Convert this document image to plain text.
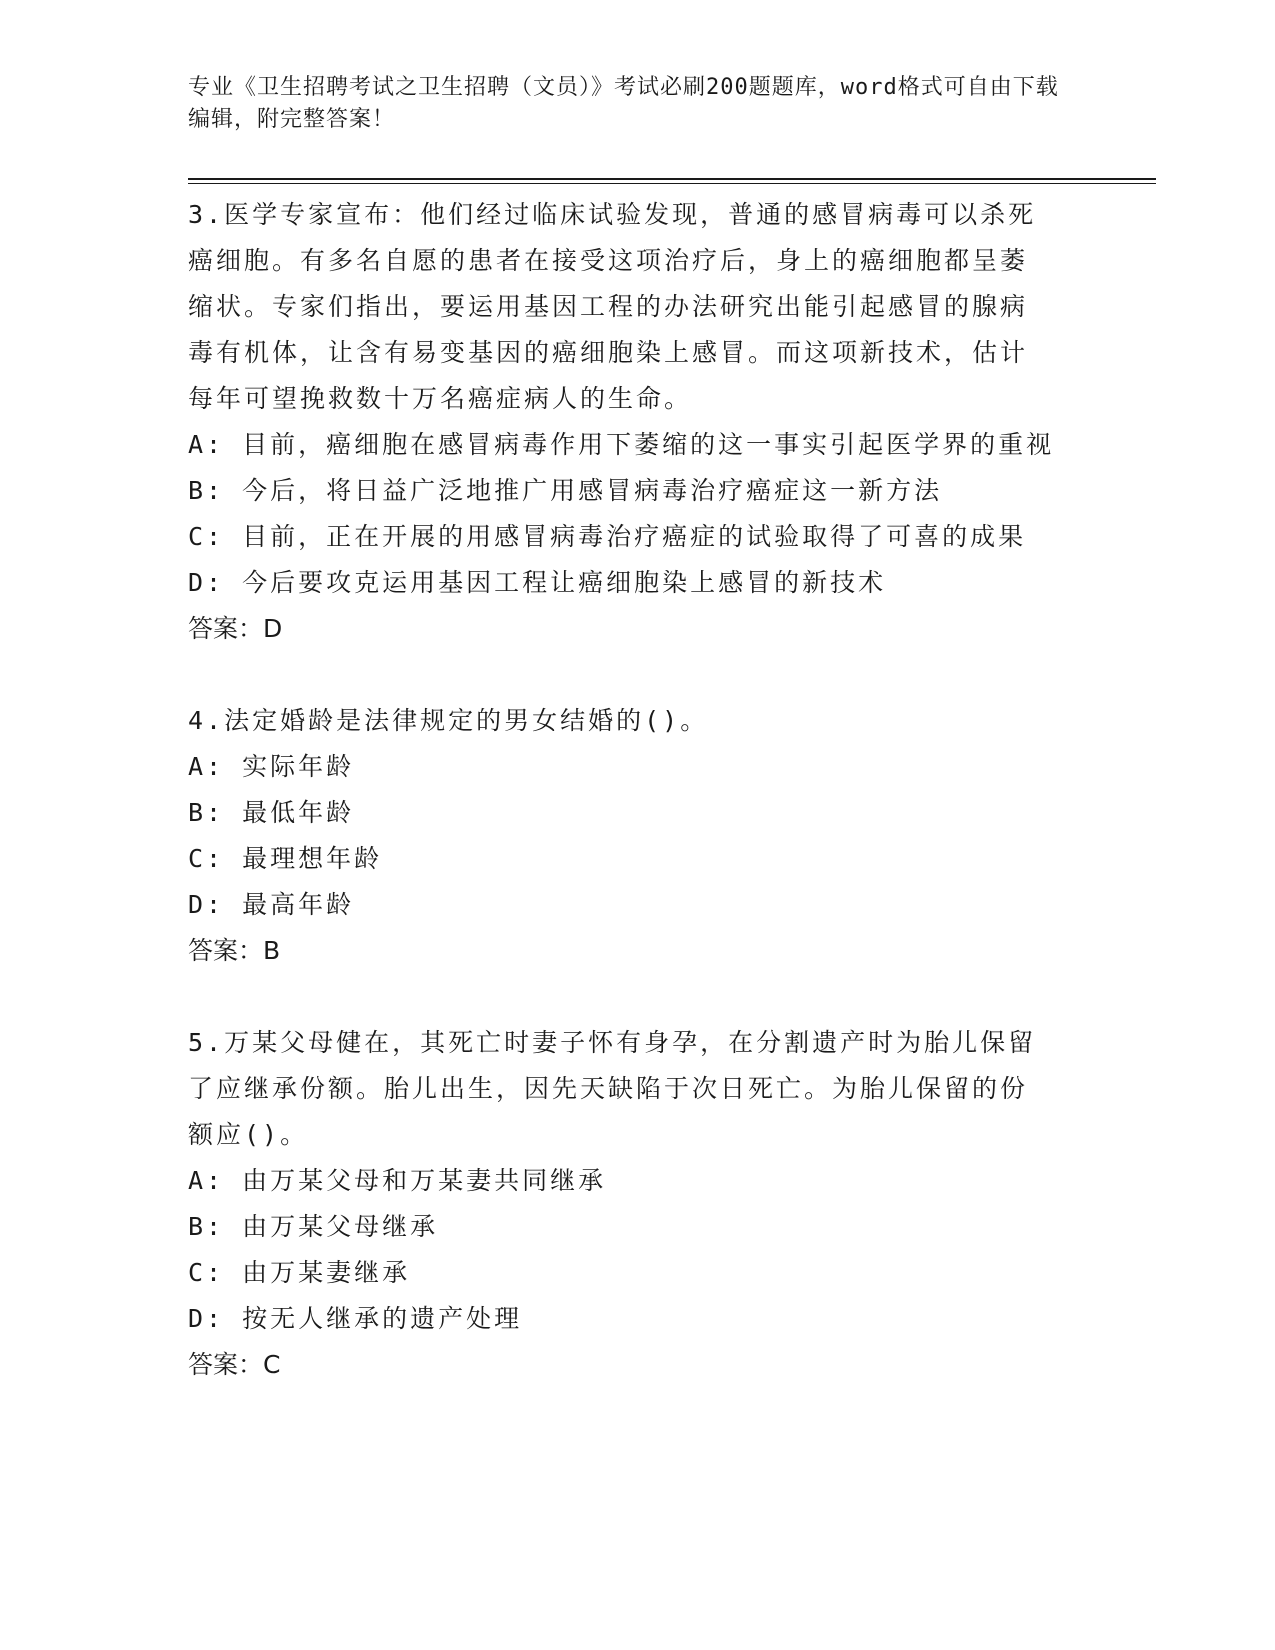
专业《卫生招聘考试之卫生招聘（文员）》考试必刷200题题库，word格式可自由下载编辑，附完整答案！
3.医学专家宣布：他们经过临床试验发现，普通的感冒病毒可以杀死癌细胞。有多名自愿的患者在接受这项治疗后，身上的癌细胞都呈萎缩状。专家们指出，要运用基因工程的办法研究出能引起感冒的腺病毒有机体，让含有易变基因的癌细胞染上感冒。而这项新技术，估计每年可望挽救数十万名癌症病人的生命。
A: 目前，癌细胞在感冒病毒作用下萎缩的这一事实引起医学界的重视
B: 今后，将日益广泛地推广用感冒病毒治疗癌症这一新方法
C: 目前，正在开展的用感冒病毒治疗癌症的试验取得了可喜的成果
D: 今后要攻克运用基因工程让癌细胞染上感冒的新技术
答案：D
4.法定婚龄是法律规定的男女结婚的()。
A: 实际年龄
B: 最低年龄
C: 最理想年龄
D: 最高年龄
答案：B
5.万某父母健在，其死亡时妻子怀有身孕，在分割遗产时为胎儿保留了应继承份额。胎儿出生，因先天缺陷于次日死亡。为胎儿保留的份额应()。
A: 由万某父母和万某妻共同继承
B: 由万某父母继承
C: 由万某妻继承
D: 按无人继承的遗产处理
答案：C
